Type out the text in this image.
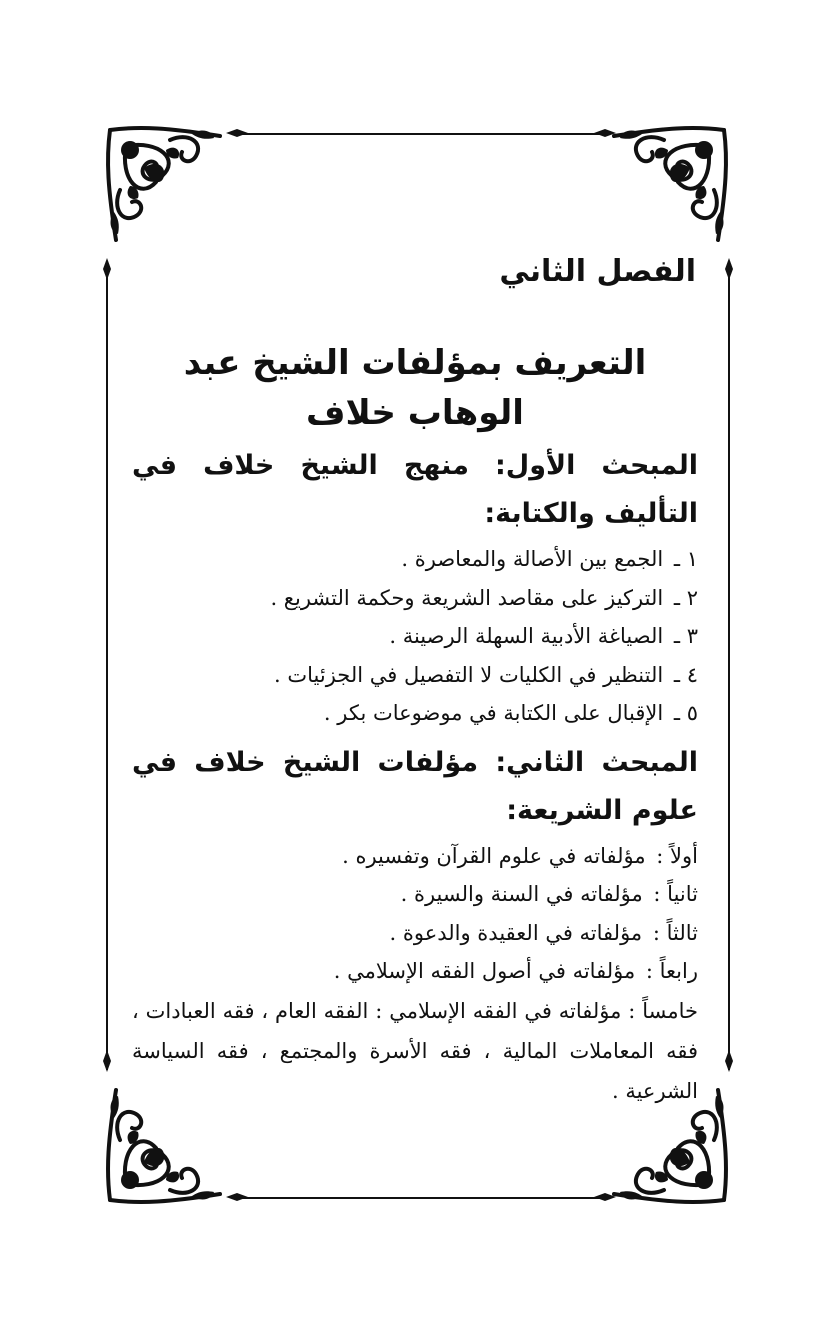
الفصل الثاني
التعريف بمؤلفات الشيخ عبد الوهاب خلاف
المبحث الأول: منهج الشيخ خلاف في التأليف والكتابة:
١ ـ الجمع بين الأصالة والمعاصرة .
٢ ـ التركيز على مقاصد الشريعة وحكمة التشريع .
٣ ـ الصياغة الأدبية السهلة الرصينة .
٤ ـ التنظير في الكليات لا التفصيل في الجزئيات .
٥ ـ الإقبال على الكتابة في موضوعات بكر .
المبحث الثاني: مؤلفات الشيخ خلاف في علوم الشريعة:
أولاً : مؤلفاته في علوم القرآن وتفسيره .
ثانياً : مؤلفاته في السنة والسيرة .
ثالثاً : مؤلفاته في العقيدة والدعوة .
رابعاً : مؤلفاته في أصول الفقه الإسلامي .

خامساً : مؤلفاته في الفقه الإسلامي : الفقه العام ، فقه العبادات ، فقه المعاملات المالية ، فقه الأسرة والمجتمع ، فقه السياسة الشرعية .
